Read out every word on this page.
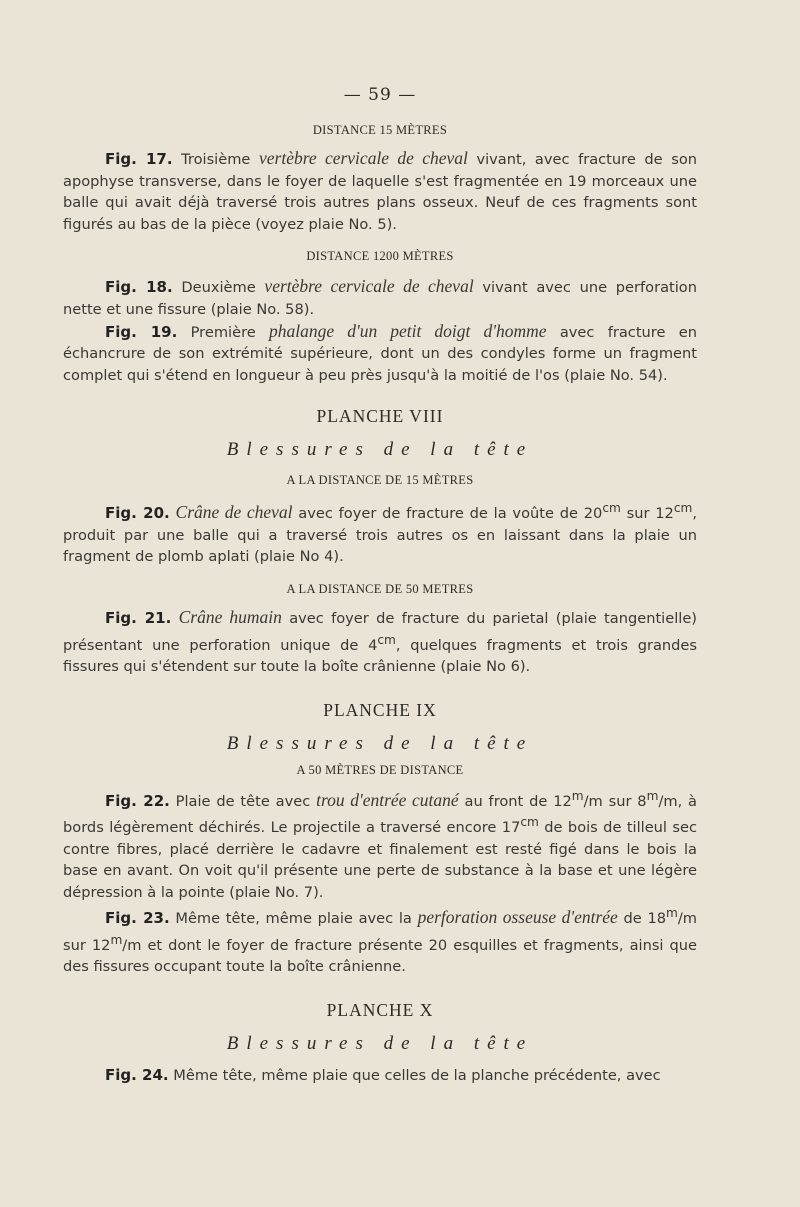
— 59 —

DISTANCE 15 MÈTRES

Fig. 17. Troisième vertèbre cervicale de cheval vivant, avec fracture de son apophyse transverse, dans le foyer de laquelle s'est fragmentée en 19 morceaux une balle qui avait déjà traversé trois autres plans osseux. Neuf de ces fragments sont figurés au bas de la pièce (voyez plaie No. 5).

DISTANCE 1200 MÈTRES

Fig. 18. Deuxième vertèbre cervicale de cheval vivant avec une perforation nette et une fissure (plaie No. 58).

Fig. 19. Première phalange d'un petit doigt d'homme avec fracture en échancrure de son extrémité supérieure, dont un des condyles forme un fragment complet qui s'étend en longueur à peu près jusqu'à la moitié de l'os (plaie No. 54).

PLANCHE VIII

Blessures de la tête

A LA DISTANCE DE 15 MÈTRES

Fig. 20. Crâne de cheval avec foyer de fracture de la voûte de $20^{cm}$ sur $12^{cm}$, produit par une balle qui a traversé trois autres os en laissant dans la plaie un fragment de plomb aplati (plaie No 4).

A LA DISTANCE DE 50 METRES

Fig. 21. Crâne humain avec foyer de fracture du parietal (plaie tangentielle) présentant une perforation unique de $4^{cm}$, quelques fragments et trois grandes fissures qui s'étendent sur toute la boîte crânienne (plaie No 6).

PLANCHE IX

Blessures de la tête

A 50 MÈTRES DE DISTANCE

Fig. 22. Plaie de tête avec trou d'entrée cutané au front de 12$^m$/m sur 8$^m$/m, à bords légèrement déchirés. Le projectile a traversé encore $17^{cm}$ de bois de tilleul sec contre fibres, placé derrière le cadavre et finalement est resté figé dans le bois la base en avant. On voit qu'il présente une perte de substance à la base et une légère dépression à la pointe (plaie No. 7).

Fig. 23. Même tête, même plaie avec la perforation osseuse d'entrée de 18$^m$/m sur 12$^m$/m et dont le foyer de fracture présente 20 esquilles et fragments, ainsi que des fissures occupant toute la boîte crânienne.

PLANCHE X

Blessures de la tête

Fig. 24. Même tête, même plaie que celles de la planche précédente, avec
